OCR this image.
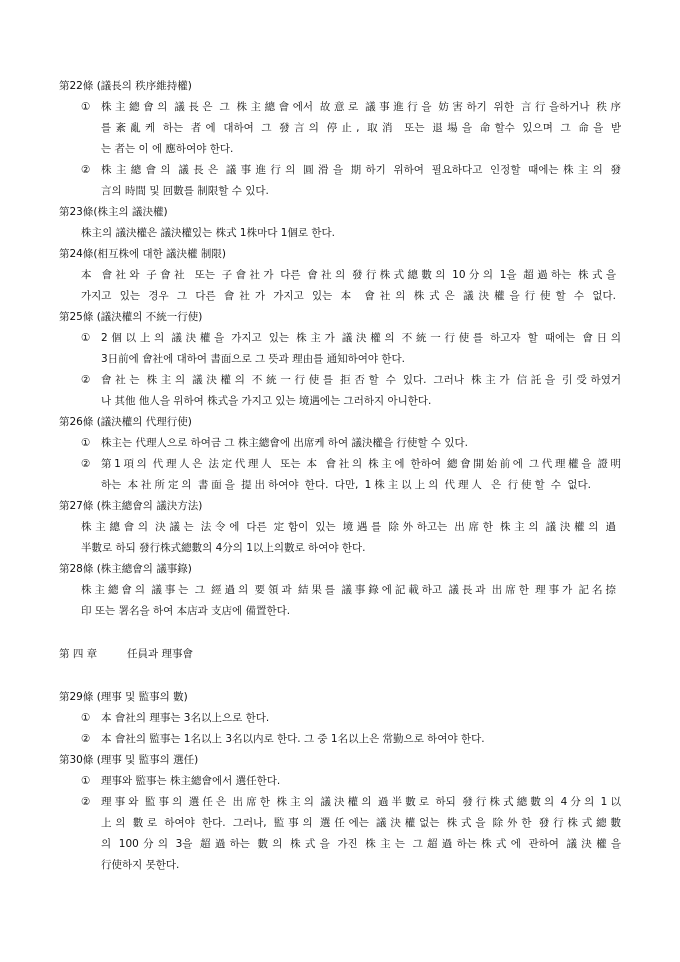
第22條 (議長의 秩序維持權)
① 株主總會의 議長은 그 株主總會에서 故意로 議事進行을 妨害하기 위한 言行을하거나 秩序
를紊亂케 하는 者에 대하여 그 發言의 停止, 取消 또는 退場을 命할수 있으며 그 命을 받
는 者는 이 에 應하여야 한다.
② 株主總會의 議長은 議事進行의 圓滑을 期하기 위하여 필요하다고 인정할 때에는株主의 發
言의 時間 및 回數를 制限할 수 있다.
第23條(株主의 議決權)
株主의 議決權은 議決權있는 株式 1株마다 1個로 한다.
第24條(相互株에 대한 議決權 制限)
本 會社와 子會社 또는 子會社가 다른 會社의 發行株式總數의 10分의 1을 超過하는 株式을
가지고 있는 경우 그 다른 會社가 가지고 있는 本 會社의 株式은 議決權을行使할 수 없다.
第25條 (議決權의 不統一行使)
① 2個以上의 議決權을 가지고 있는 株主가 議決權의 不統一行使를 하고자 할 때에는 會日의
3日前에 會社에 대하여 書面으로 그 뜻과 理由를 通知하여야 한다.
② 會社는 株主의 議決權의 不統一行使를 拒否할 수 있다. 그러나 株主가 信託을 引受하였거
나 其他 他人을 위하여 株式을 가지고 있는 境遇에는 그러하지 아니한다.
第26條 (議決權의 代理行使)
① 株主는 代理人으로 하여금 그 株主總會에 出席케 하여 議決權을 行使할 수 있다.
② 第1項의 代理人은 法定代理人 또는 本 會社의 株主에 한하여 總會開始前에 그代理權을 證明
하는 本社所定의 書面을 提出하여야 한다. 다만, 1株主以上의 代理人 은 行使할 수 없다.
第27條 (株主總會의 議決方法)
株主總會의 決議는 法令에 다른 定함이 있는 境遇를 除外하고는 出席한 株主의 議決權의 過
半數로 하되 發行株式總數의 4分의 1以上의數로 하여야 한다.
第28條 (株主總會의 議事錄)
株主總會의 議事는 그 經過의 要領과 結果를 議事錄에記載하고 議長과 出席한 理事가 記名捺
印 또는 署名을 하여 本店과 支店에 備置한다.
第 四 章	任員과 理事會
第29條 (理事 및 監事의 數)
① 本 會社의 理事는 3名以上으로 한다.
② 本 會社의 監事는 1名以上 3名以内로 한다. 그 중 1名以上은 常勤으로 하여야 한다.
第30條 (理事 및 監事의 選任)
① 理事와 監事는 株主總會에서 選任한다.
② 理事와 監事의 選任은 出席한 株主의 議決權의 過半數로 하되 發行株式總數의 4分의 1以
上의 數로 하여야 한다. 그러나, 監事의 選任에는 議決權없는 株式을 除外한 發行株式總數
의 100分의 3을 超過하는 數의 株式을 가진 株主는 그超過하는株式에 관하여 議決權을
行使하지 못한다.
